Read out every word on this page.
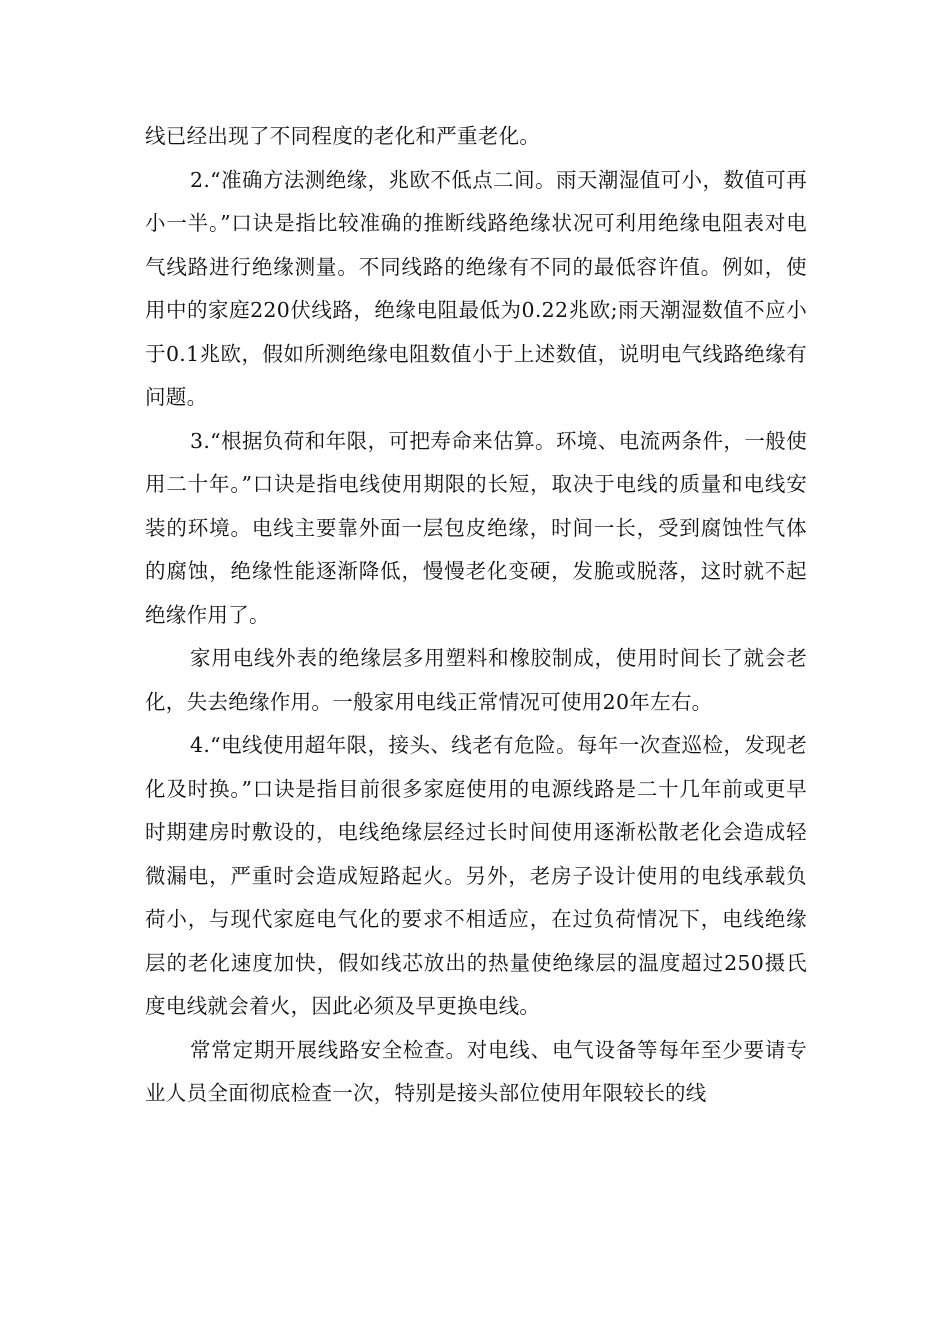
线已经出现了不同程度的老化和严重老化。

2.“准确方法测绝缘，兆欧不低点二间。雨天潮湿值可小，数值可再小一半。”口诀是指比较准确的推断线路绝缘状况可利用绝缘电阻表对电气线路进行绝缘测量。不同线路的绝缘有不同的最低容许值。例如，使用中的家庭220伏线路，绝缘电阻最低为0.22兆欧;雨天潮湿数值不应小于0.1兆欧，假如所测绝缘电阻数值小于上述数值，说明电气线路绝缘有问题。

3.“根据负荷和年限，可把寿命来估算。环境、电流两条件，一般使用二十年。”口诀是指电线使用期限的长短，取决于电线的质量和电线安装的环境。电线主要靠外面一层包皮绝缘，时间一长，受到腐蚀性气体的腐蚀，绝缘性能逐渐降低，慢慢老化变硬，发脆或脱落，这时就不起绝缘作用了。

家用电线外表的绝缘层多用塑料和橡胶制成，使用时间长了就会老化，失去绝缘作用。一般家用电线正常情况可使用20年左右。

4.“电线使用超年限，接头、线老有危险。每年一次查巡检，发现老化及时换。”口诀是指目前很多家庭使用的电源线路是二十几年前或更早时期建房时敷设的，电线绝缘层经过长时间使用逐渐松散老化会造成轻微漏电，严重时会造成短路起火。另外，老房子设计使用的电线承载负荷小，与现代家庭电气化的要求不相适应，在过负荷情况下，电线绝缘层的老化速度加快，假如线芯放出的热量使绝缘层的温度超过250摄氏度电线就会着火，因此必须及早更换电线。

常常定期开展线路安全检查。对电线、电气设备等每年至少要请专业人员全面彻底检查一次，特别是接头部位使用年限较长的线
